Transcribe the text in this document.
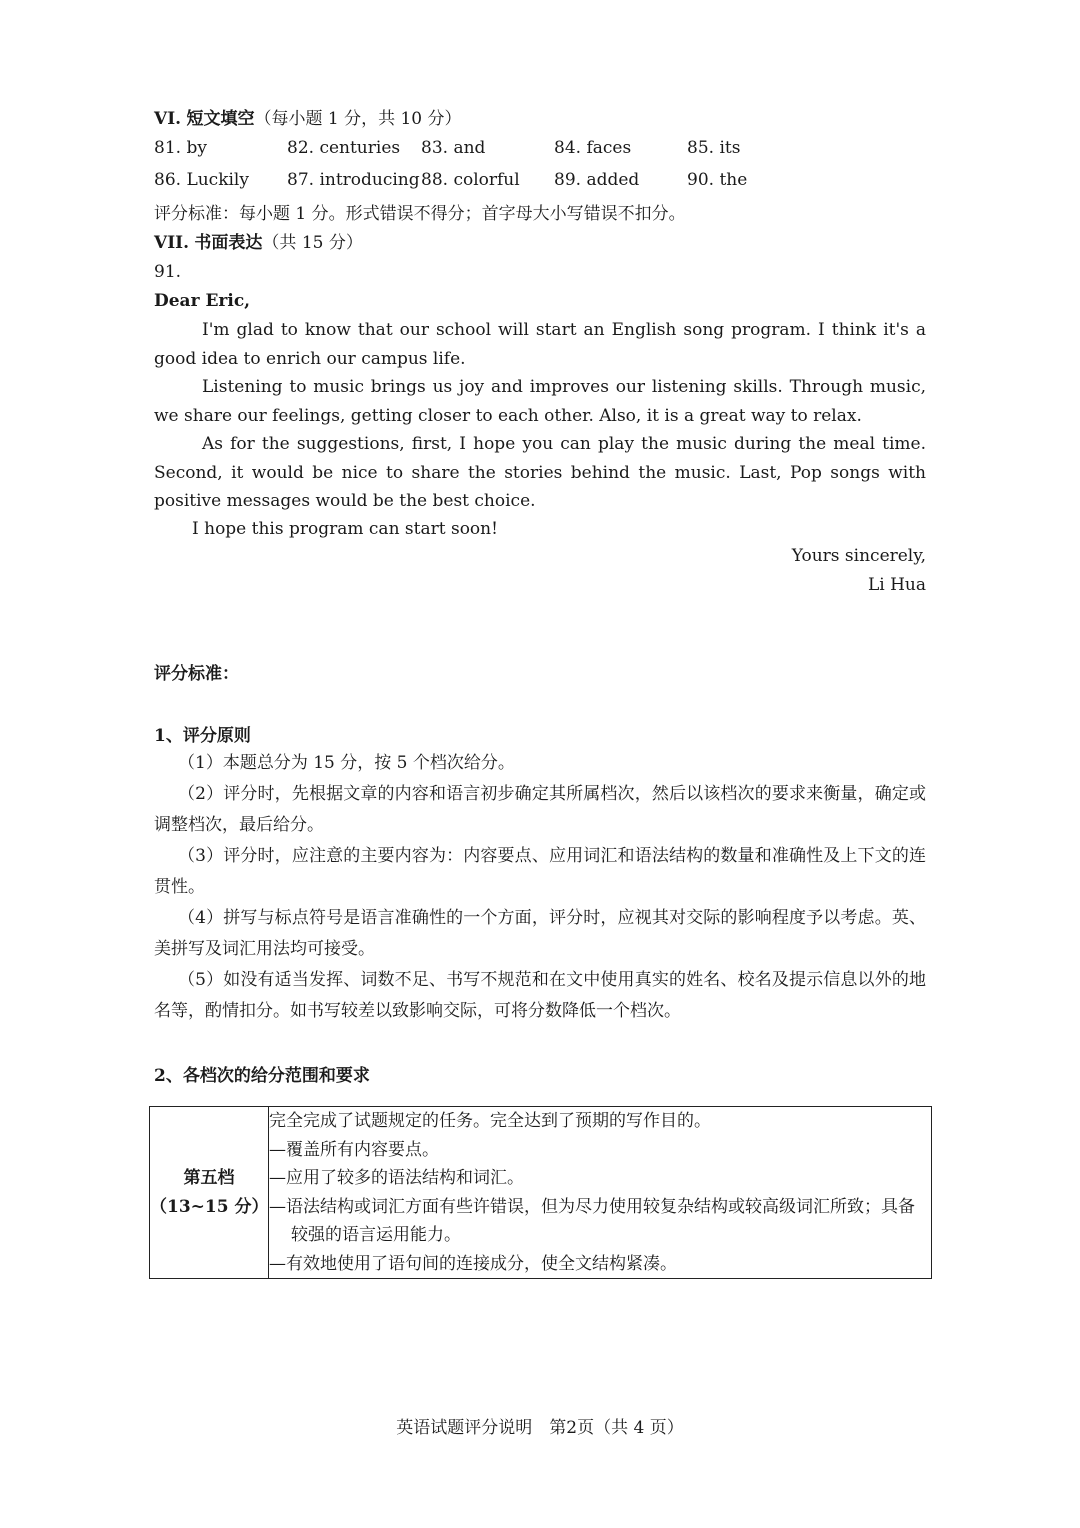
VI. 短文填空（每小题 1 分，共 10 分）
81. by	82. centuries 83. and	84. faces	85. its
86. Luckily 87. introducing 88. colorful 89. added	90. the
评分标准：每小题 1 分。形式错误不得分；首字母大小写错误不扣分。
VII. 书面表达（共 15 分）
91.
Dear Eric,

I'm glad to know that our school will start an English song program. I think it's a good idea to enrich our campus life.

Listening to music brings us joy and improves our listening skills. Through music, we share our feelings, getting closer to each other. Also, it is a great way to relax.

As for the suggestions, first, I hope you can play the music during the meal time. Second, it would be nice to share the stories behind the music. Last, Pop songs with positive messages would be the best choice.

I hope this program can start soon!

Yours sincerely,
Li Hua
评分标准：
1、评分原则
（1）本题总分为 15 分，按 5 个档次给分。
（2）评分时，先根据文章的内容和语言初步确定其所属档次，然后以该档次的要求来衡量，确定或调整档次，最后给分。
（3）评分时，应注意的主要内容为：内容要点、应用词汇和语法结构的数量和准确性及上下文的连贯性。
（4）拼写与标点符号是语言准确性的一个方面，评分时，应视其对交际的影响程度予以考虑。英、美拼写及词汇用法均可接受。
（5）如没有适当发挥、词数不足、书写不规范和在文中使用真实的姓名、校名及提示信息以外的地名等，酌情扣分。如书写较差以致影响交际，可将分数降低一个档次。
2、各档次的给分范围和要求
第五档
（13~15 分）

完全完成了试题规定的任务。完全达到了预期的写作目的。
—覆盖所有内容要点。
—应用了较多的语法结构和词汇。
—语法结构或词汇方面有些许错误，但为尽力使用较复杂结构或较高级词汇所致；具备较强的语言运用能力。
—有效地使用了语句间的连接成分，使全文结构紧凑。
英语试题评分说明　第2页（共 4 页）
